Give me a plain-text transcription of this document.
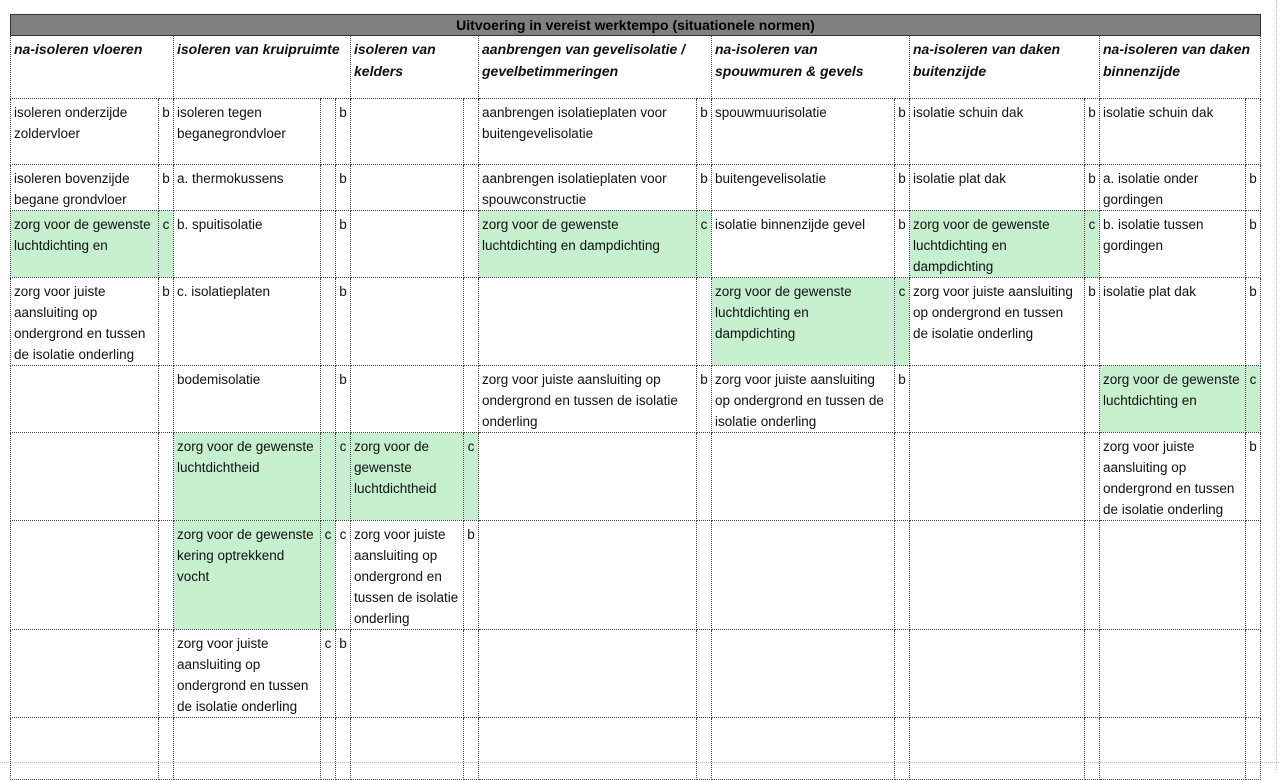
Uitvoering in vereist werktempo (situationele normen)														
na-isoleren vloeren		isoleren van kruipruimte			isoleren van kelders		aanbrengen van gevelisolatie / gevelbetimmeringen		na-isoleren van spouwmuren & gevels		na-isoleren van daken buitenzijde		na-isoleren van daken binnenzijde	
isoleren onderzijde zoldervloer	b	isoleren tegen beganegrondvloer		b			aanbrengen isolatieplaten voor buitengevelisolatie	b	spouwmuurisolatie	b	isolatie schuin dak	b	isolatie schuin dak	
isoleren bovenzijde begane grondvloer	b	a. thermokussens		b			aanbrengen isolatieplaten voor spouwconstructie	b	buitengevelisolatie	b	isolatie plat dak	b	a. isolatie onder gordingen	b
zorg voor de gewenste luchtdichting en	c	b. spuitisolatie		b			zorg voor de gewenste luchtdichting en dampdichting	c	isolatie binnenzijde gevel	b	zorg voor de gewenste luchtdichting en dampdichting	c	b. isolatie tussen gordingen	b
zorg voor juiste aansluiting op ondergrond en tussen de isolatie onderling	b	c. isolatieplaten		b					zorg voor de gewenste luchtdichting en dampdichting	c	zorg voor juiste aansluiting op ondergrond en tussen de isolatie onderling	b	isolatie plat dak	b
		bodemisolatie		b			zorg voor juiste aansluiting op ondergrond en tussen de isolatie onderling	b	zorg voor juiste aansluiting op ondergrond en tussen de isolatie onderling	b			zorg voor de gewenste luchtdichting en	c
		zorg voor de gewenste luchtdichtheid		c	zorg voor de gewenste luchtdichtheid	c							zorg voor juiste aansluiting op ondergrond en tussen de isolatie onderling	b
		zorg voor de gewenste kering optrekkend vocht	c	c	zorg voor juiste aansluiting op ondergrond en tussen de isolatie onderling	b								
		zorg voor juiste aansluiting op ondergrond en tussen de isolatie onderling	c	b										
